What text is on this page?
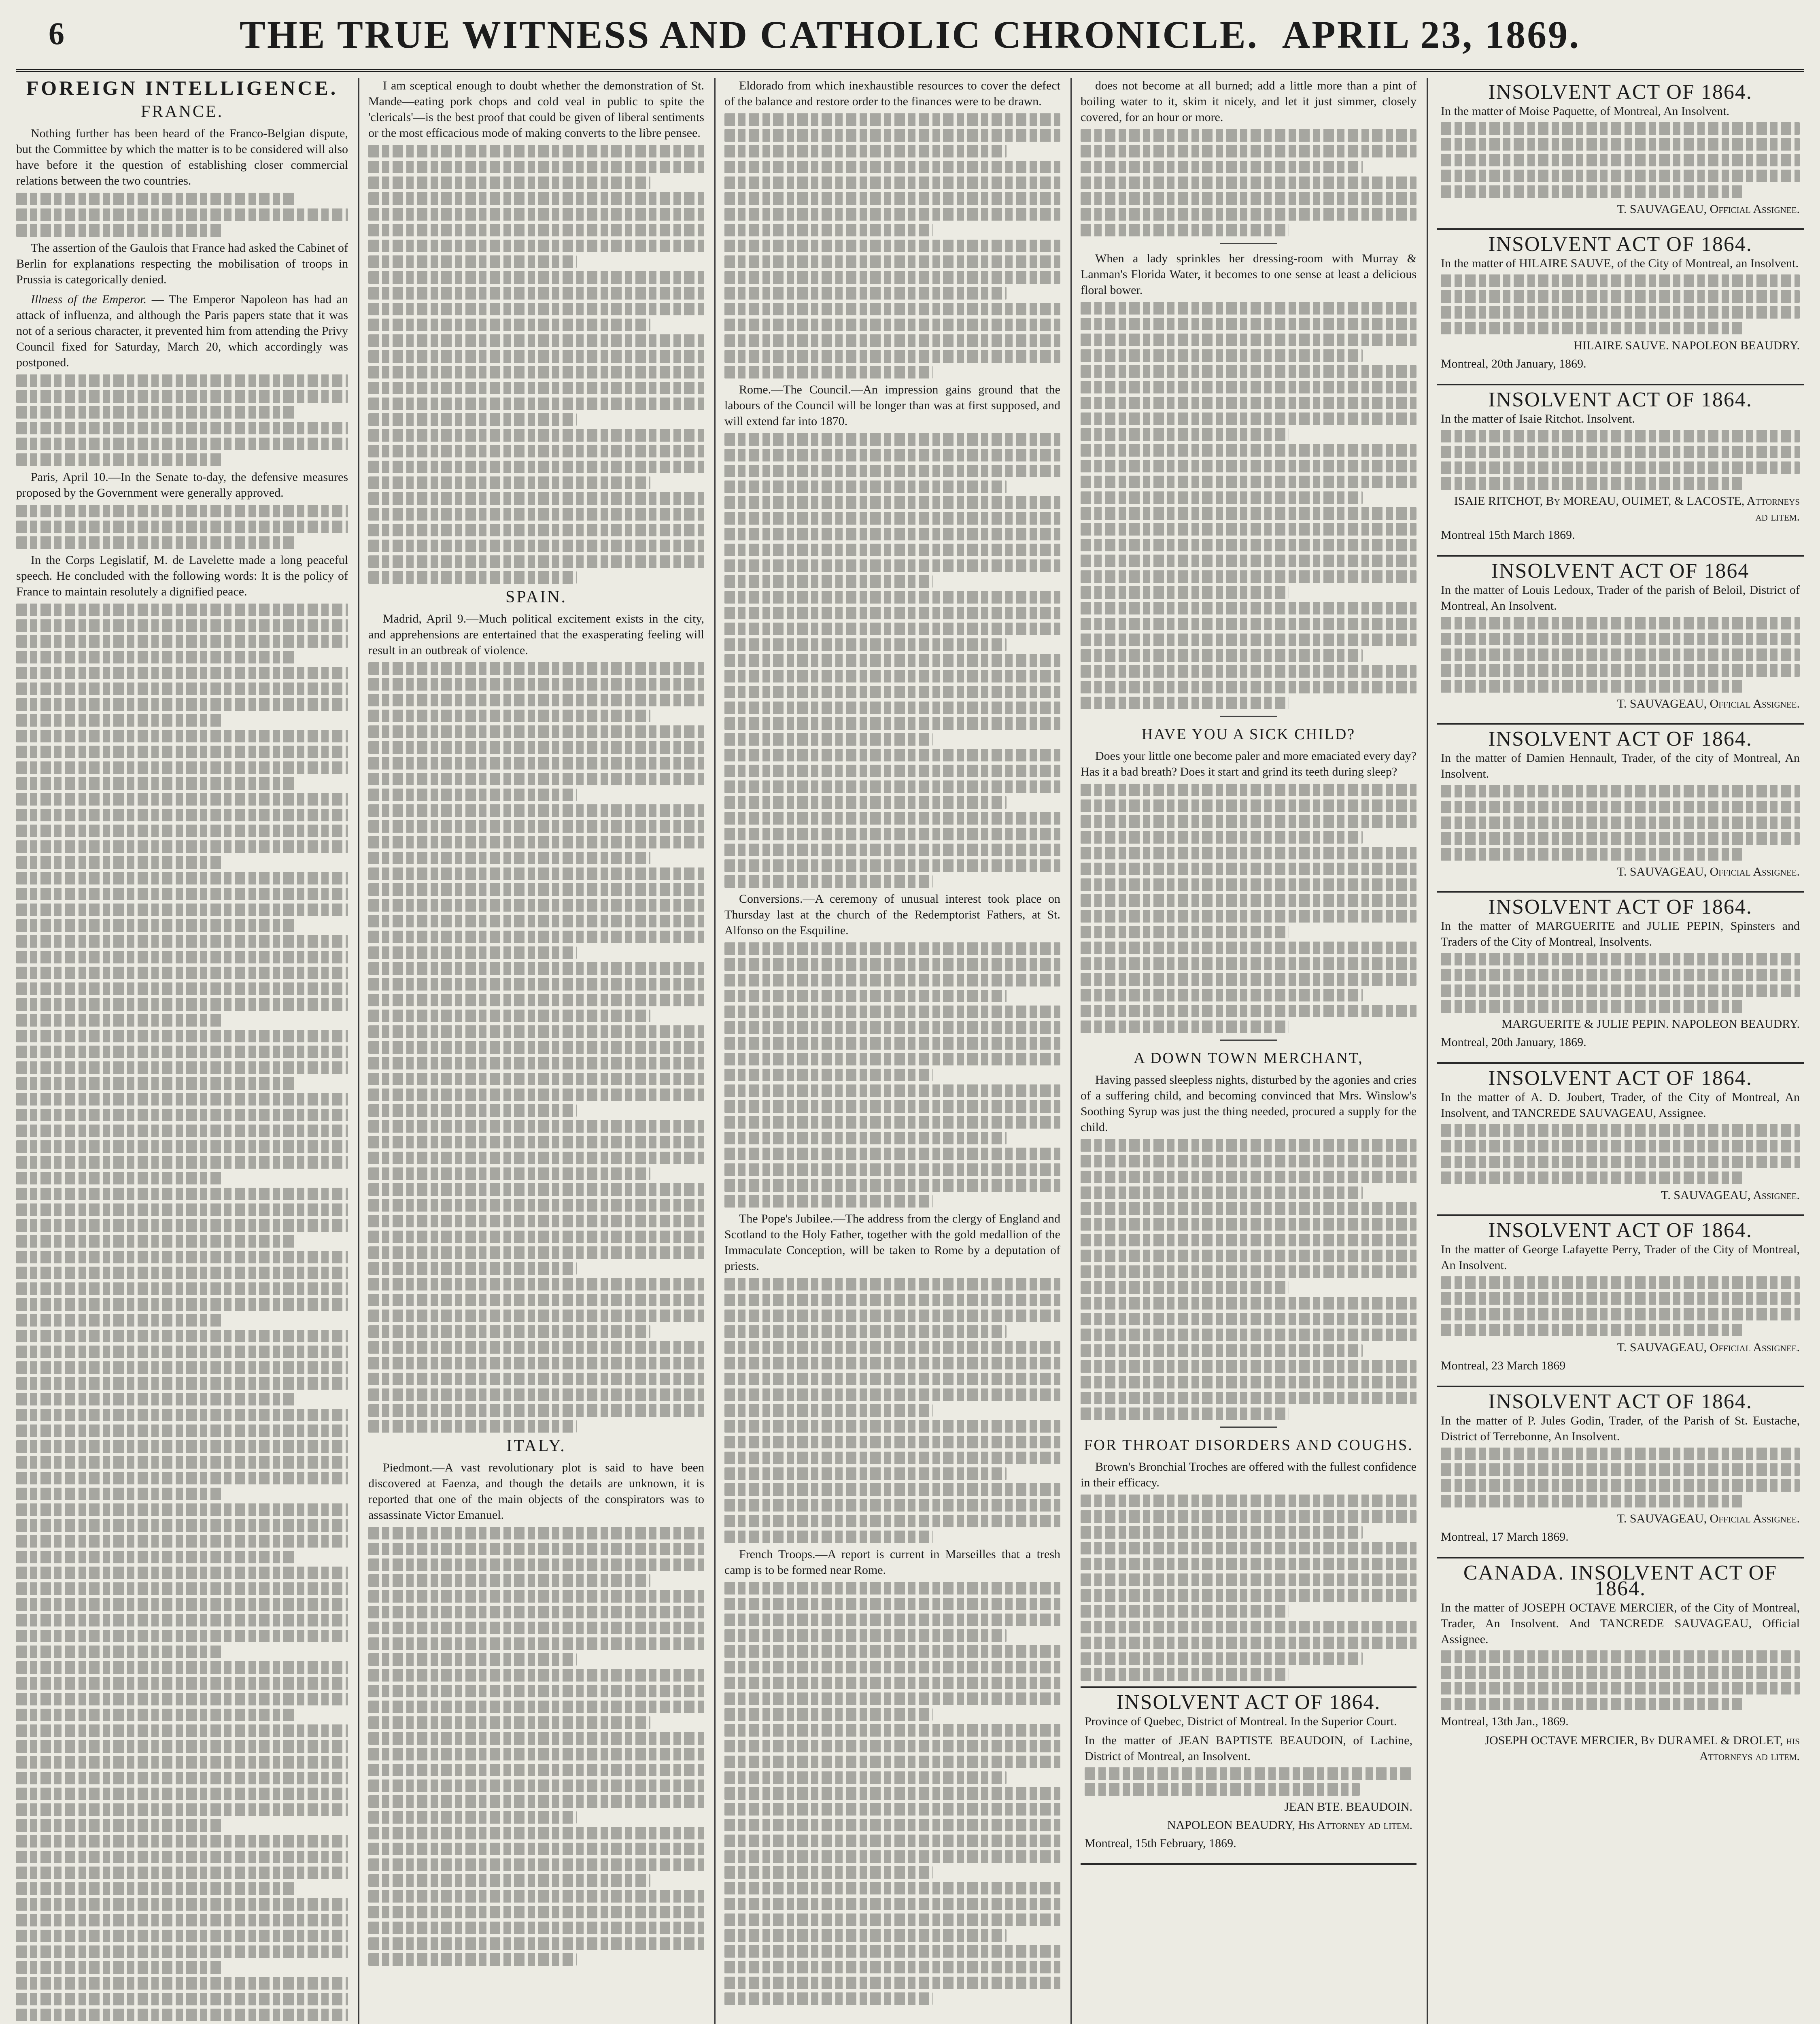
6	THE TRUE WITNESS AND CATHOLIC CHRONICLE. APRIL 23, 1869.
FOREIGN INTELLIGENCE.
FRANCE.

Nothing further has been heard of the Franco-Belgian dispute, but the Committee by which the matter is to be considered will also have before it the question of establishing closer commercial relations between the two countries.

The assertion of the Gaulois that France had asked the Cabinet of Berlin for explanations respecting the mobilisation of troops in Prussia is categorically denied.

Illness of the Emperor. — The Emperor Napoleon has had an attack of influenza, and although the Paris papers state that it was not of a serious character, it prevented him from attending the Privy Council fixed for Saturday, March 20, which accordingly was postponed.

Paris, April 10.—In the Senate to-day, the defensive measures proposed by the Government were generally approved.

In the Corps Legislatif, M. de Lavelette made a long peaceful speech. He concluded with the following words: It is the policy of France to maintain resolutely a dignified peace.

I am sceptical enough to doubt whether the demonstration of St. Mande—eating pork chops and cold veal in public to spite the 'clericals'—is the best proof that could be given of liberal sentiments or the most efficacious mode of making converts to the libre pensee.

SPAIN.

Madrid, April 9.—Much political excitement exists in the city, and apprehensions are entertained that the exasperating feeling will result in an outbreak of violence.

ITALY.

Piedmont.—A vast revolutionary plot is said to have been discovered at Faenza, and though the details are unknown, it is reported that one of the main objects of the conspirators was to assassinate Victor Emanuel.

Eldorado from which inexhaustible resources to cover the defect of the balance and restore order to the finances were to be drawn.

Rome.—The Council.—An impression gains ground that the labours of the Council will be longer than was at first supposed, and will extend far into 1870.

Conversions.—A ceremony of unusual interest took place on Thursday last at the church of the Redemptorist Fathers, at St. Alfonso on the Esquiline.

The Pope's Jubilee.—The address from the clergy of England and Scotland to the Holy Father, together with the gold medallion of the Immaculate Conception, will be taken to Rome by a deputation of priests.

French Troops.—A report is current in Marseilles that a tresh camp is to be formed near Rome.

does not become at all burned; add a little more than a pint of boiling water to it, skim it nicely, and let it just simmer, closely covered, for an hour or more.

When a lady sprinkles her dressing-room with Murray & Lanman's Florida Water, it becomes to one sense at least a delicious floral bower.

HAVE YOU A SICK CHILD?

Does your little one become paler and more emaciated every day? Has it a bad breath? Does it start and grind its teeth during sleep?

A DOWN TOWN MERCHANT,

Having passed sleepless nights, disturbed by the agonies and cries of a suffering child, and becoming convinced that Mrs. Winslow's Soothing Syrup was just the thing needed, procured a supply for the child.

FOR THROAT DISORDERS AND COUGHS.

Brown's Bronchial Troches are offered with the fullest confidence in their efficacy.

INSOLVENT ACT OF 1864.

Province of Quebec, District of Montreal. In the Superior Court.

In the matter of JEAN BAPTISTE BEAUDOIN, of Lachine, District of Montreal, an Insolvent.

JEAN BTE. BEAUDOIN.
NAPOLEON BEAUDRY, His Attorney ad litem.

Montreal, 15th February, 1869.

INSOLVENT ACT OF 1864.

In the matter of Moise Paquette, of Montreal, An Insolvent.

T. SAUVAGEAU, Official Assignee.
INSOLVENT ACT OF 1864.

In the matter of HILAIRE SAUVE, of the City of Montreal, an Insolvent.

HILAIRE SAUVE. NAPOLEON BEAUDRY.

Montreal, 20th January, 1869.

INSOLVENT ACT OF 1864.

In the matter of Isaie Ritchot. Insolvent.

ISAIE RITCHOT, By MOREAU, OUIMET, & LACOSTE, Attorneys ad litem.

Montreal 15th March 1869.

INSOLVENT ACT OF 1864

In the matter of Louis Ledoux, Trader of the parish of Beloil, District of Montreal, An Insolvent.

T. SAUVAGEAU, Official Assignee.
INSOLVENT ACT OF 1864.

In the matter of Damien Hennault, Trader, of the city of Montreal, An Insolvent.

T. SAUVAGEAU, Official Assignee.
INSOLVENT ACT OF 1864.

In the matter of MARGUERITE and JULIE PEPIN, Spinsters and Traders of the City of Montreal, Insolvents.

MARGUERITE & JULIE PEPIN. NAPOLEON BEAUDRY.

Montreal, 20th January, 1869.

INSOLVENT ACT OF 1864.

In the matter of A. D. Joubert, Trader, of the City of Montreal, An Insolvent, and TANCREDE SAUVAGEAU, Assignee.

T. SAUVAGEAU, Assignee.
INSOLVENT ACT OF 1864.

In the matter of George Lafayette Perry, Trader of the City of Montreal, An Insolvent.

T. SAUVAGEAU, Official Assignee.

Montreal, 23 March 1869

INSOLVENT ACT OF 1864.

In the matter of P. Jules Godin, Trader, of the Parish of St. Eustache, District of Terrebonne, An Insolvent.

T. SAUVAGEAU, Official Assignee.

Montreal, 17 March 1869.

CANADA. INSOLVENT ACT OF 1864.

In the matter of JOSEPH OCTAVE MERCIER, of the City of Montreal, Trader, An Insolvent. And TANCREDE SAUVAGEAU, Official Assignee.

Montreal, 13th Jan., 1869.

JOSEPH OCTAVE MERCIER, By DURAMEL & DROLET, his Attorneys ad litem.
